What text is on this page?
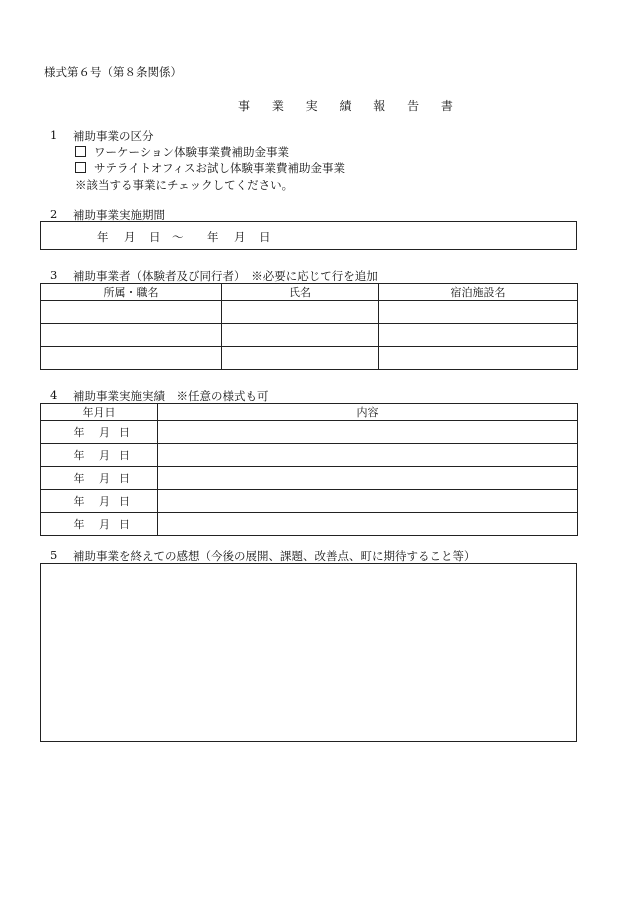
様式第６号（第８条関係）
事 業 実 績 報 告 書
1 補助事業の区分
ワーケーション体験事業費補助金事業
サテライトオフィスお試し体験事業費補助金事業
※該当する事業にチェックしてください。
2 補助事業実施期間
年 月 日 〜 年 月 日
3 補助事業者（体験者及び同行者）　※必要に応じて行を追加
所属・職名	氏名	宿泊施設名

4 補助事業実施実績　※任意の様式も可
年月日	内容
年 月 日	
年 月 日	
年 月 日	
年 月 日	
年 月 日	
5 補助事業を終えての感想（今後の展開、課題、改善点、町に期待すること等）
